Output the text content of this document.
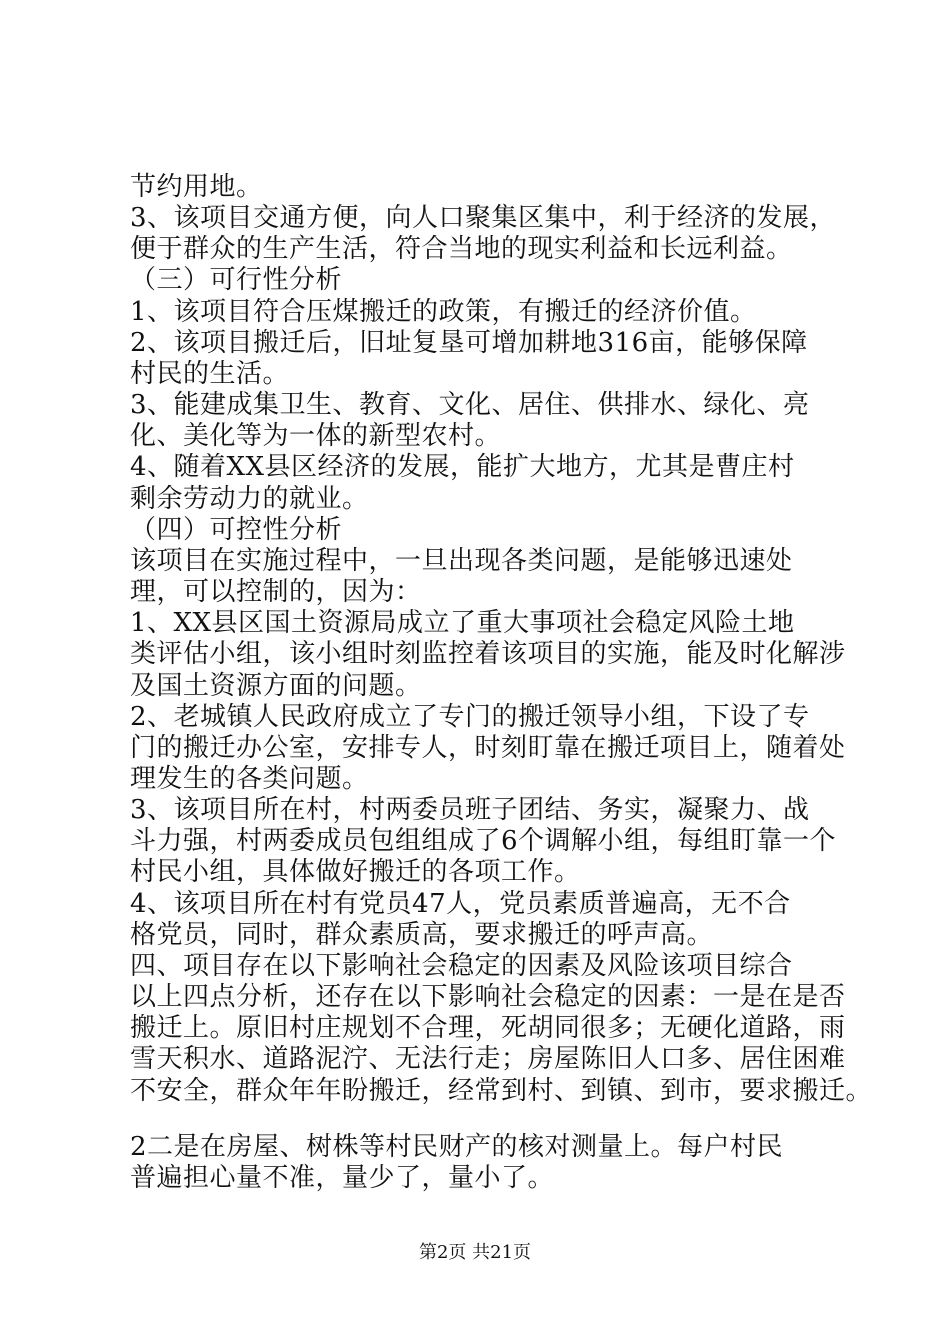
节约用地。
3、该项目交通方便，向人口聚集区集中，利于经济的发展，
便于群众的生产生活，符合当地的现实利益和长远利益。
（三）可行性分析
1、该项目符合压煤搬迁的政策，有搬迁的经济价值。
2、该项目搬迁后，旧址复垦可增加耕地316亩，能够保障
村民的生活。
3、能建成集卫生、教育、文化、居住、供排水、绿化、亮
化、美化等为一体的新型农村。
4、随着XX县区经济的发展，能扩大地方，尤其是曹庄村
剩余劳动力的就业。
（四）可控性分析
该项目在实施过程中，一旦出现各类问题，是能够迅速处
理，可以控制的，因为：
1、XX县区国土资源局成立了重大事项社会稳定风险土地
类评估小组，该小组时刻监控着该项目的实施，能及时化解涉
及国土资源方面的问题。
2、老城镇人民政府成立了专门的搬迁领导小组，下设了专
门的搬迁办公室，安排专人，时刻盯靠在搬迁项目上，随着处
理发生的各类问题。
3、该项目所在村，村两委员班子团结、务实，凝聚力、战
斗力强，村两委成员包组组成了6个调解小组，每组盯靠一个
村民小组，具体做好搬迁的各项工作。
4、该项目所在村有党员47人，党员素质普遍高，无不合
格党员，同时，群众素质高，要求搬迁的呼声高。
四、项目存在以下影响社会稳定的因素及风险该项目综合
以上四点分析，还存在以下影响社会稳定的因素：一是在是否
搬迁上。原旧村庄规划不合理，死胡同很多；无硬化道路，雨
雪天积水、道路泥泞、无法行走；房屋陈旧人口多、居住困难
不安全，群众年年盼搬迁，经常到村、到镇、到市，要求搬迁。
2二是在房屋、树株等村民财产的核对测量上。每户村民
普遍担心量不准，量少了，量小了。
第2页 共21页
